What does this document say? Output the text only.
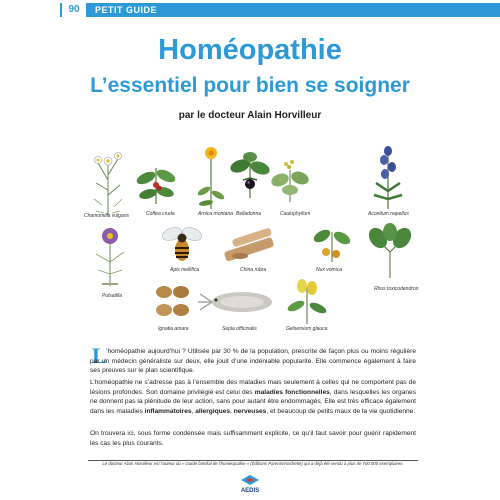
90	PETIT GUIDE
Homéopathie
L’essentiel pour bien se soigner
par le docteur Alain Horvilleur
Chamomilla vulgaris	Coffea cruda	Arnica montana Belladonna	Caulophyllum	Aconitum napellus
Pulsatilla
Apis mellifica	China rubra	Nux vomica
Rhus toxicodendron
Ignatia amara	Sepia officinalis	Gelsemium glauca
L ’homéopathie aujourd’hui ? Utilisée par 30 % de la population, prescrite de façon plus ou moins régulière par un médecin généraliste sur deux, elle jouit d’une indéniable popularité. Elle commence également à faire ses preuves sur le plan scientifique.

L’homéopathie ne s’adresse pas à l’ensemble des maladies mais seulement à celles qui ne comportent pas de lésions profondes. Son domaine privilégié est celui des maladies fonctionnelles, dans lesquelles les organes ne donnent pas la plénitude de leur action, sans pour autant être endommagés. Elle est très efficace également dans les maladies inflammatoires, allergiques, nerveuses, et beaucoup de petits maux de la vie quotidienne.

On trouvera ici, sous forme condensée mais suffisamment explicite, ce qu’il faut savoir pour guérir rapidement les cas les plus courants.

Le docteur Alain Horvilleur est l’auteur du « Guide familial de l’homéopathie » (Éditions Parents/Hachette) qui a déjà été vendu à plus de 700 000 exemplaires.
AEDIS
